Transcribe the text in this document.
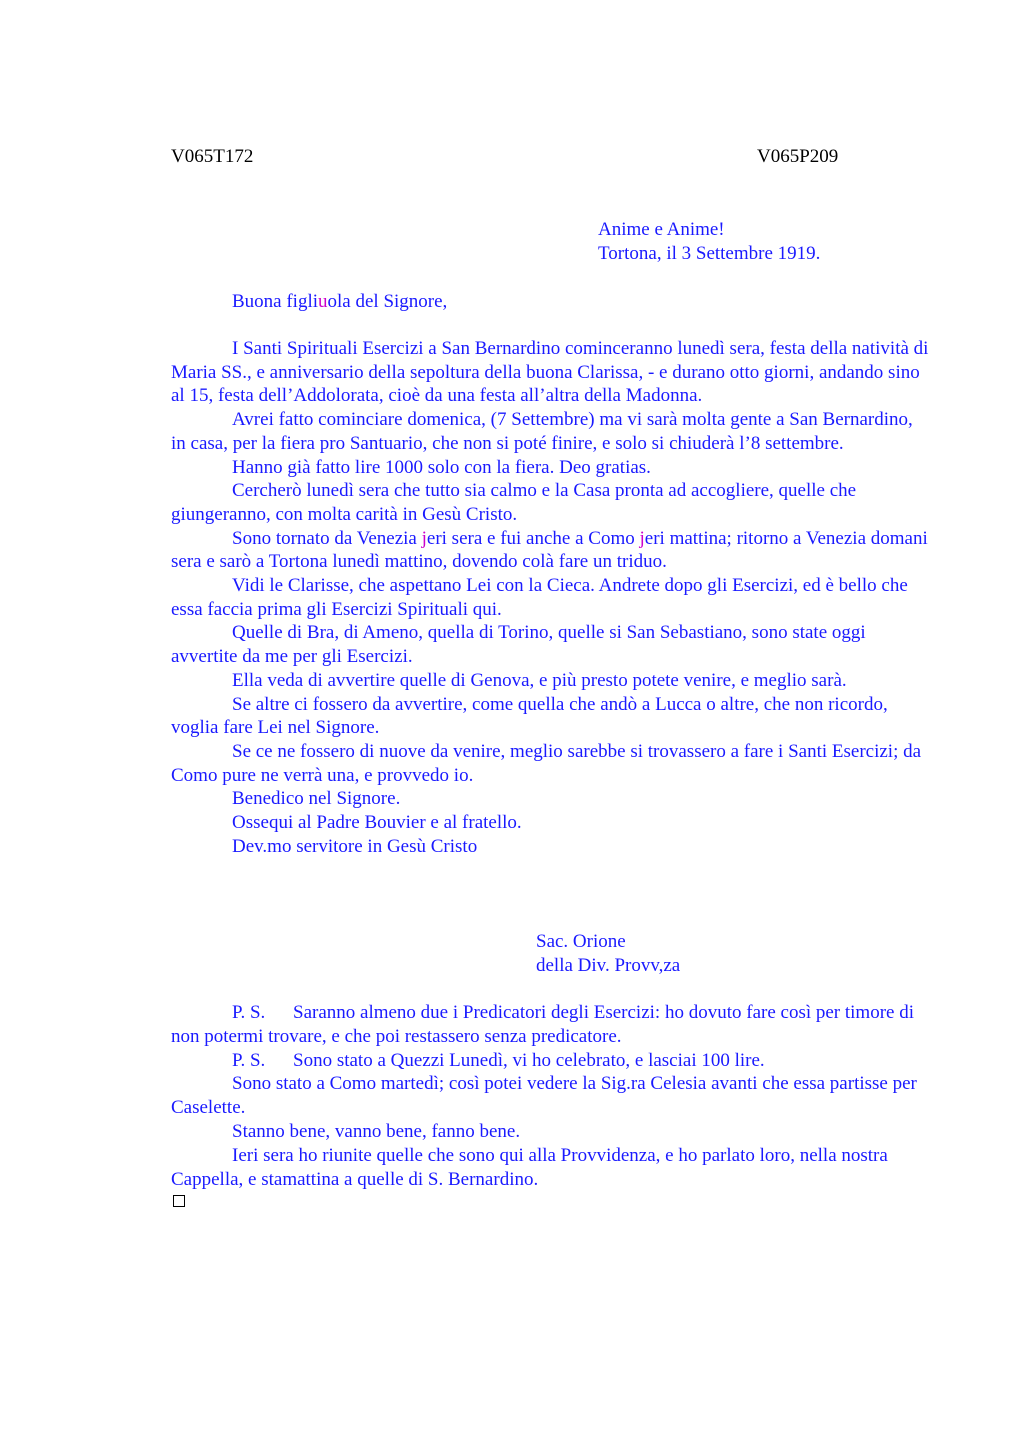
V065T172	V065P209
Anime e Anime!
Tortona, il 3 Settembre 1919.
Buona figliuola del Signore,

I Santi Spirituali Esercizi a San Bernardino cominceranno lunedì sera, festa della natività di Maria SS., e anniversario della sepoltura della buona Clarissa, - e durano otto giorni, andando sino al 15, festa dell’Addolorata, cioè da una festa all’altra della Madonna.

Avrei fatto cominciare domenica, (7 Settembre) ma vi sarà molta gente a San Bernardino, in casa, per la fiera pro Santuario, che non si poté finire, e solo si chiuderà l’8 settembre.

Hanno già fatto lire 1000 solo con la fiera. Deo gratias.

Cercherò lunedì sera che tutto sia calmo e la Casa pronta ad accogliere, quelle che giungeranno, con molta carità in Gesù Cristo.

Sono tornato da Venezia jeri sera e fui anche a Como jeri mattina; ritorno a Venezia domani sera e sarò a Tortona lunedì mattino, dovendo colà fare un triduo.

Vidi le Clarisse, che aspettano Lei con la Cieca. Andrete dopo gli Esercizi, ed è bello che essa faccia prima gli Esercizi Spirituali qui.

Quelle di Bra, di Ameno, quella di Torino, quelle si San Sebastiano, sono state oggi avvertite da me per gli Esercizi.

Ella veda di avvertire quelle di Genova, e più presto potete venire, e meglio sarà.

Se altre ci fossero da avvertire, come quella che andò a Lucca o altre, che non ricordo, voglia fare Lei nel Signore.

Se ce ne fossero di nuove da venire, meglio sarebbe si trovassero a fare i Santi Esercizi; da Como pure ne verrà una, e provvedo io.

Benedico nel Signore.

Ossequi al Padre Bouvier e al fratello.

Dev.mo servitore in Gesù Cristo

Sac. Orione
della Div. Provv,za

P. S. Saranno almeno due i Predicatori degli Esercizi: ho dovuto fare così per timore di non potermi trovare, e che poi restassero senza predicatore.

P. S. Sono stato a Quezzi Lunedì, vi ho celebrato, e lasciai 100 lire.

Sono stato a Como martedì; così potei vedere la Sig.ra Celesia avanti che essa partisse per Caselette.

Stanno bene, vanno bene, fanno bene.

Ieri sera ho riunite quelle che sono qui alla Provvidenza, e ho parlato loro, nella nostra Cappella, e stamattina a quelle di S. Bernardino.
